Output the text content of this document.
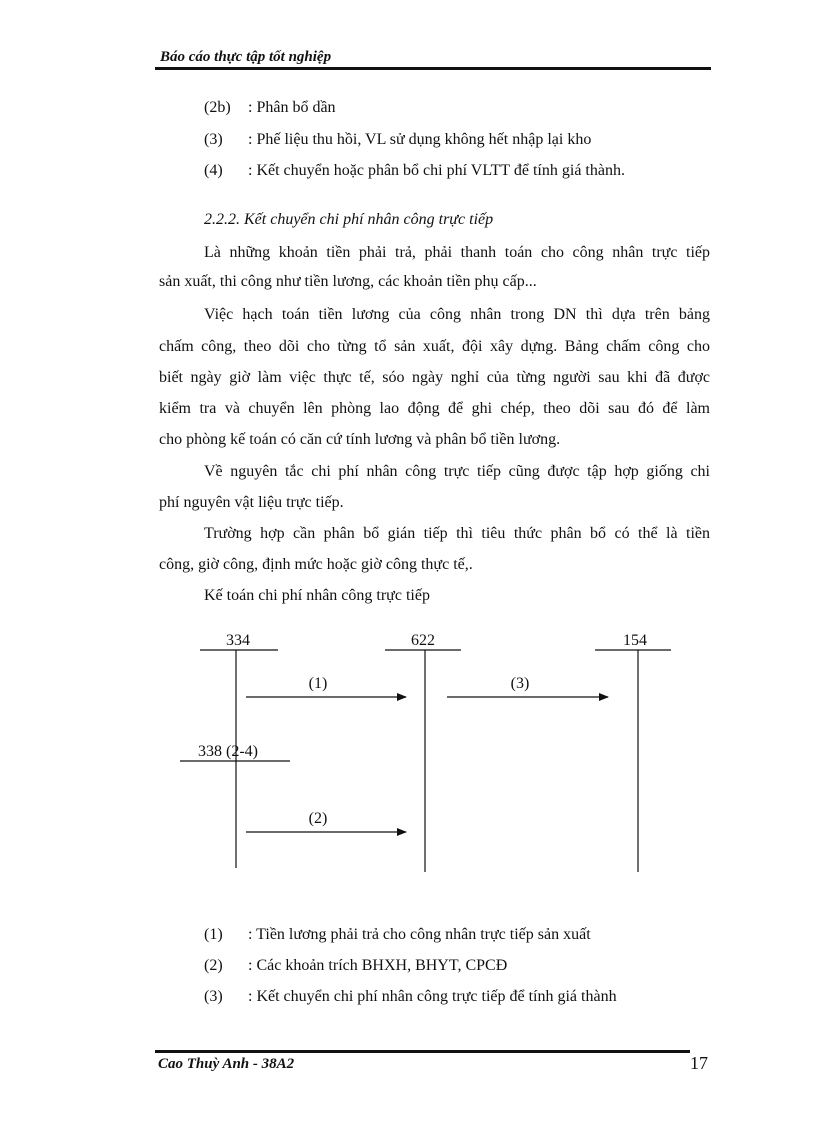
Báo cáo thực tập tốt nghiệp
(2b)	: Phân bổ dần
(3)	: Phế liệu thu hồi, VL sử dụng không hết nhập lại kho
(4)	: Kết chuyển hoặc phân bổ chi phí VLTT để tính giá thành.
2.2.2. Kết chuyển chi phí nhân công trực tiếp
Là những khoản tiền phải trả, phải thanh toán cho công nhân trực tiếp
sản xuất, thi công như tiền lương, các khoản tiền phụ cấp...
Việc hạch toán tiền lương của công nhân trong DN thì dựa trên bảng
chấm công, theo dõi cho từng tổ sản xuất, đội xây dựng. Bảng chấm công cho
biết ngày giờ làm việc thực tế, sóo ngày nghỉ của từng người sau khi đã được
kiểm tra và chuyển lên phòng lao động để ghi chép, theo dõi sau đó để làm
cho phòng kế toán có căn cứ tính lương và phân bổ tiền lương.
Về nguyên tắc chi phí nhân công trực tiếp cũng được tập hợp giống chi
phí nguyên vật liệu trực tiếp.
Trường hợp cần phân bổ gián tiếp thì tiêu thức phân bổ có thể là tiền
công, giờ công, định mức hoặc giờ công thực tế,.
Kế toán chi phí nhân công trực tiếp
334	622	154
338 (2-4)
(1)	(3)
(2)
(1)	: Tiền lương phải trả cho công nhân trực tiếp sản xuất
(2)	: Các khoản trích BHXH, BHYT, CPCĐ
(3)	: Kết chuyển chi phí nhân công trực tiếp để tính giá thành
Cao Thuỳ Anh - 38A2	17
